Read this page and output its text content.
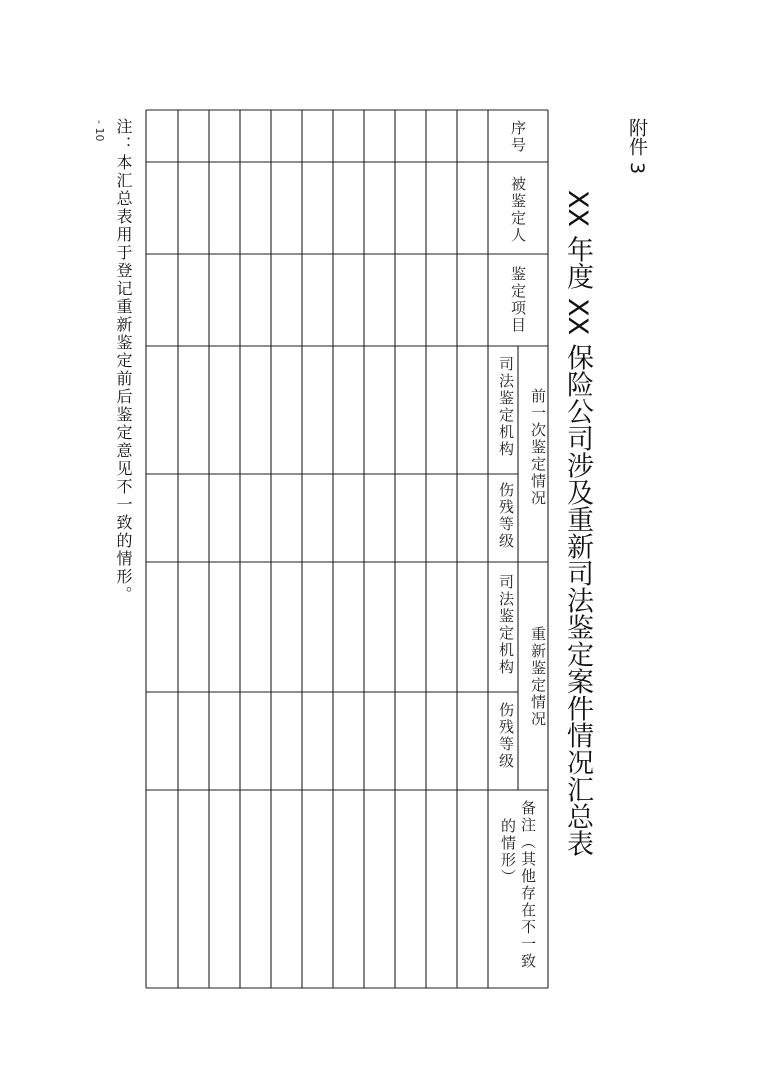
附件 3
XX 年度 XX 保险公司涉及重新司法鉴定案件情况汇总表
序号
被鉴定人
鉴定项目
前一次鉴定情况
司法鉴定机构
伤残等级
重新鉴定情况
司法鉴定机构
伤残等级
备注（其他存在不一致
的情形）
注：本汇总表用于登记重新鉴定前后鉴定意见不一致的情形。
- 10
